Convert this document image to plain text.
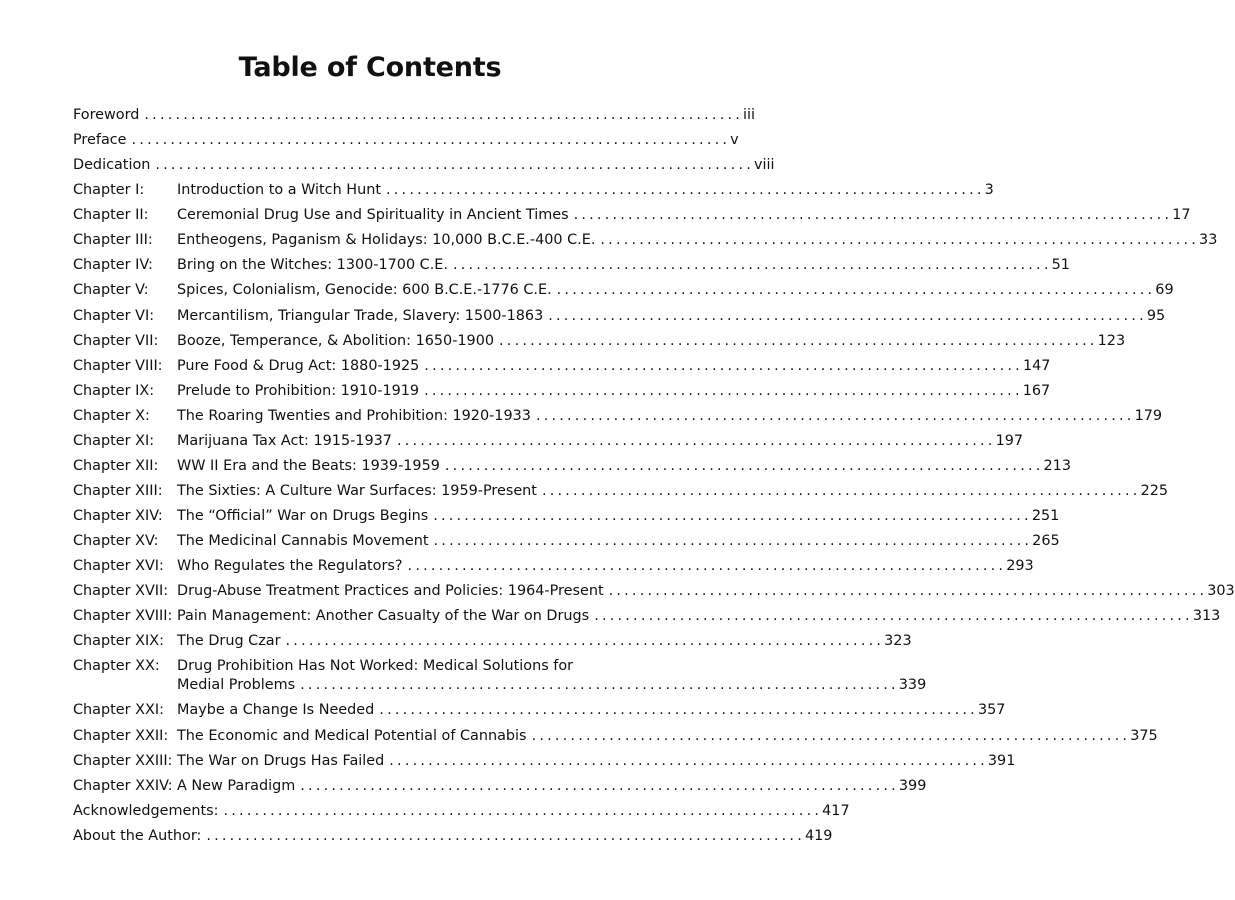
Table of Contents
Foreword ............................................................................. iii
Preface ............................................................................. v
Dedication ............................................................................. viii
Chapter I: Introduction to a Witch Hunt ............................................................................. 3
Chapter II: Ceremonial Drug Use and Spirituality in Ancient Times ............................................................................. 17
Chapter III: Entheogens, Paganism & Holidays: 10,000 B.C.E.-400 C.E. ............................................................................. 33
Chapter IV: Bring on the Witches: 1300-1700 C.E. ............................................................................. 51
Chapter V: Spices, Colonialism, Genocide: 600 B.C.E.-1776 C.E. ............................................................................. 69
Chapter VI: Mercantilism, Triangular Trade, Slavery: 1500-1863 ............................................................................. 95
Chapter VII: Booze, Temperance, & Abolition: 1650-1900 ............................................................................. 123
Chapter VIII: Pure Food & Drug Act: 1880-1925 ............................................................................. 147
Chapter IX: Prelude to Prohibition: 1910-1919 ............................................................................. 167
Chapter X: The Roaring Twenties and Prohibition: 1920-1933 ............................................................................. 179
Chapter XI: Marijuana Tax Act: 1915-1937 ............................................................................. 197
Chapter XII: WW II Era and the Beats: 1939-1959 ............................................................................. 213
Chapter XIII: The Sixties: A Culture War Surfaces: 1959-Present ............................................................................. 225
Chapter XIV: The “Official” War on Drugs Begins ............................................................................. 251
Chapter XV: The Medicinal Cannabis Movement ............................................................................. 265
Chapter XVI: Who Regulates the Regulators? ............................................................................. 293
Chapter XVII: Drug-Abuse Treatment Practices and Policies: 1964-Present ............................................................................. 303
Chapter XVIII: Pain Management: Another Casualty of the War on Drugs ............................................................................. 313
Chapter XIX: The Drug Czar ............................................................................. 323
Chapter XX: Drug Prohibition Has Not Worked: Medical Solutions for
Medial Problems ............................................................................. 339
Chapter XXI: Maybe a Change Is Needed ............................................................................. 357
Chapter XXII: The Economic and Medical Potential of Cannabis ............................................................................. 375
Chapter XXIII: The War on Drugs Has Failed ............................................................................. 391
Chapter XXIV: A New Paradigm ............................................................................. 399
Acknowledgements: ............................................................................. 417
About the Author: ............................................................................. 419
